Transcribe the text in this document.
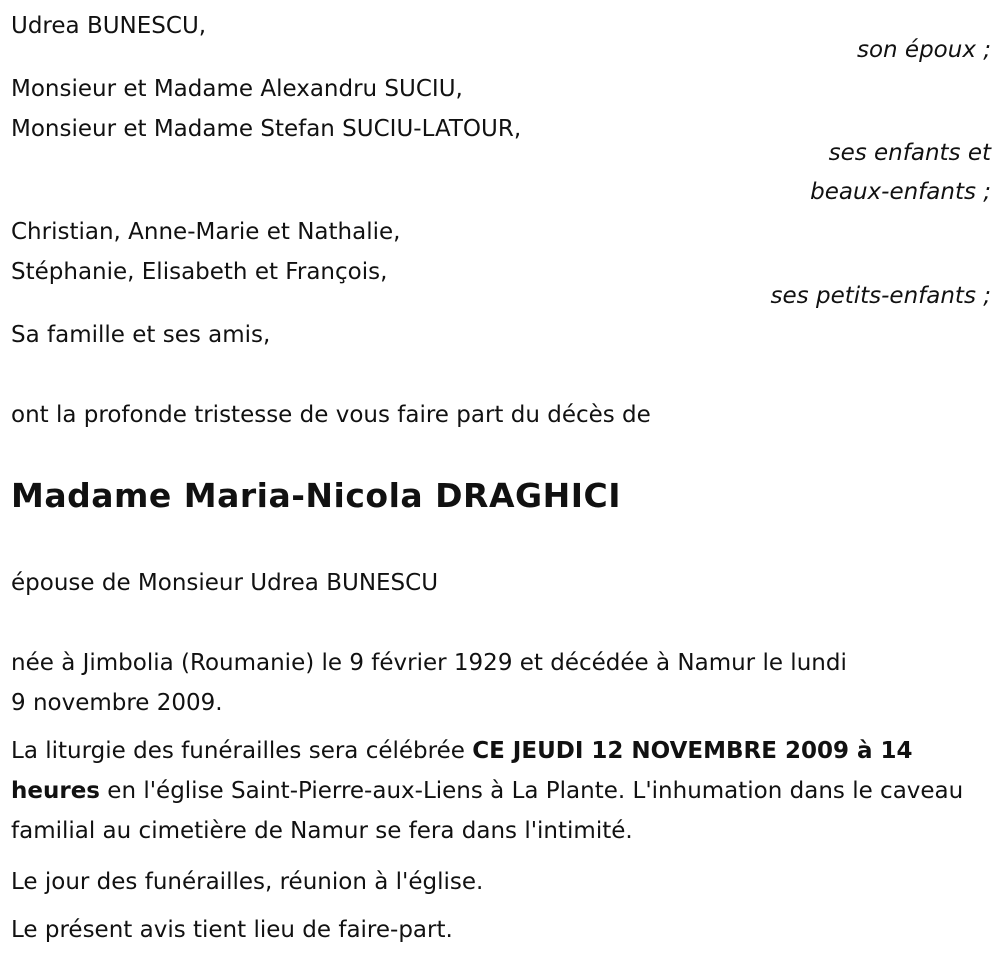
Udrea BUNESCU,
son époux ;
Monsieur et Madame Alexandru SUCIU,
Monsieur et Madame Stefan SUCIU-LATOUR,
ses enfants et
beaux-enfants ;
Christian, Anne-Marie et Nathalie,
Stéphanie, Elisabeth et François,
ses petits-enfants ;
Sa famille et ses amis,
ont la profonde tristesse de vous faire part du décès de
Madame Maria-Nicola DRAGHICI
épouse de Monsieur Udrea BUNESCU
née à Jimbolia (Roumanie) le 9 février 1929 et décédée à Namur le lundi
9 novembre 2009.
La liturgie des funérailles sera célébrée CE JEUDI 12 NOVEMBRE 2009 à 14 heures en l'église Saint-Pierre-aux-Liens à La Plante. L'inhumation dans le caveau familial au cimetière de Namur se fera dans l'intimité.
Le jour des funérailles, réunion à l'église.
Le présent avis tient lieu de faire-part.
